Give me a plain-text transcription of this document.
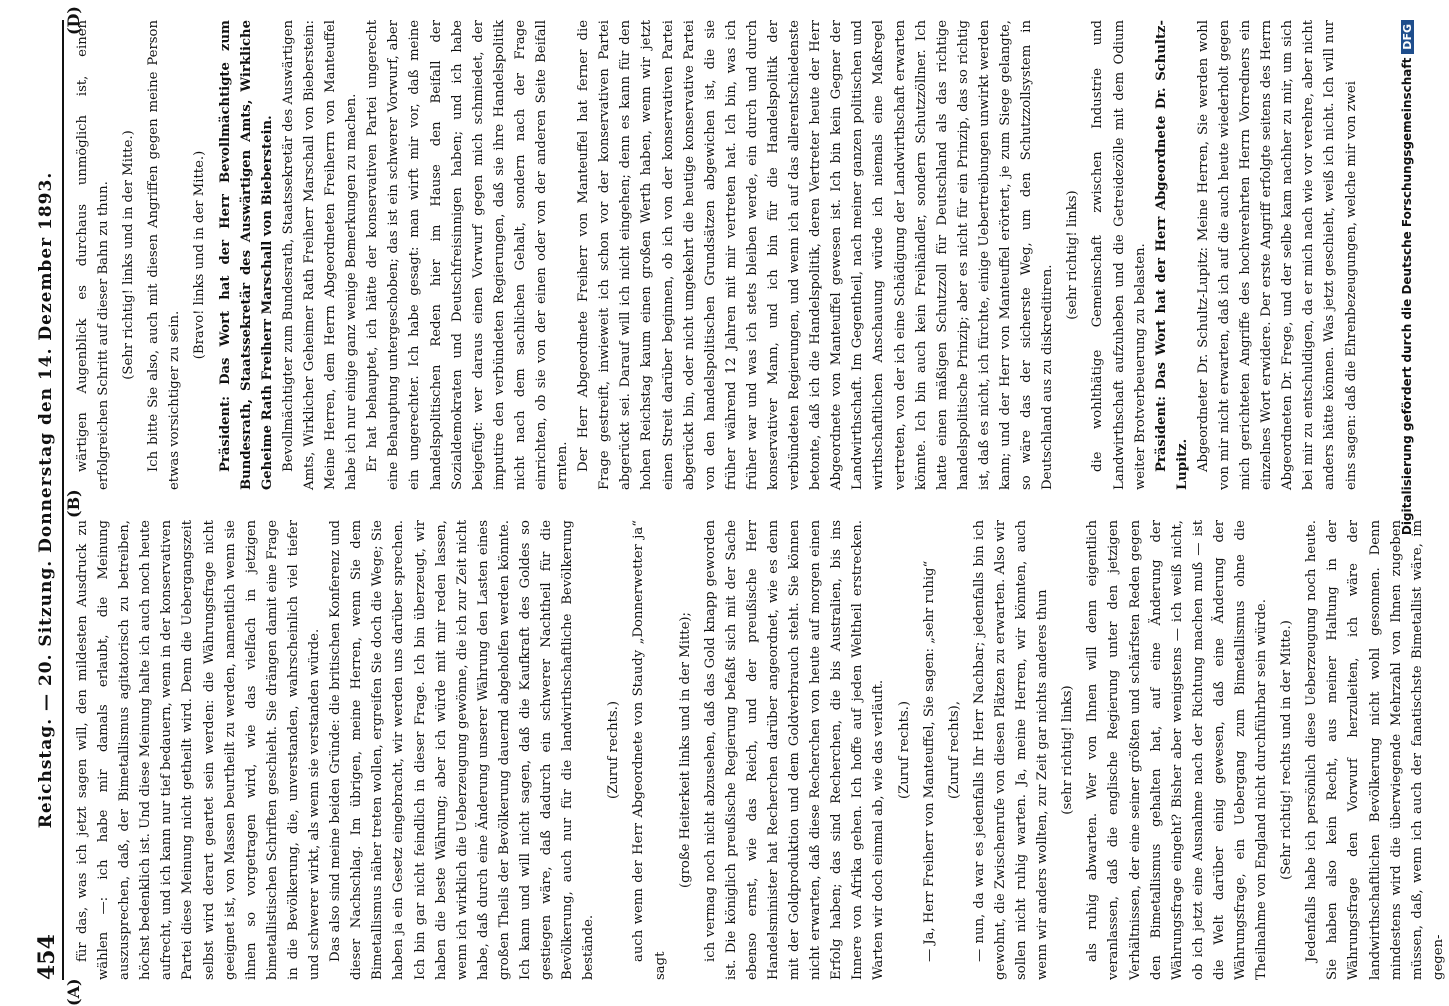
454
Reichstag. — 20. Sitzung. Donnerstag den 14. Dezember 1893.
(A)
(B)
(D)

für das, was ich jetzt sagen will, den mildesten Ausdruck zu wählen —: ich habe mir damals erlaubt, die Meinung auszusprechen, daß, der Bimetallismus agitatorisch zu betreiben, höchst bedenklich ist. Und diese Meinung halte ich auch noch heute aufrecht, und ich kann nur tief bedauern, wenn in der konservativen Partei diese Meinung nicht getheilt wird. Denn die Uebergangszeit selbst wird derart geartet sein werden: die Währungsfrage nicht geeignet ist, von Massen beurtheilt zu werden, namentlich wenn sie ihnen so vorgetragen wird, wie das vielfach in jetzigen bimetallistischen Schriften geschieht. Sie drängen damit eine Frage in die Bevölkerung, die, unverstanden, wahrscheinlich viel tiefer und schwerer wirkt, als wenn sie verstanden würde. Das also sind meine beiden Gründe: die britischen Konferenz und dieser Nachschlag. Im übrigen, meine Herren, wenn Sie dem Bimetallismus näher treten wollen, ergreifen Sie doch die Wege; Sie haben ja ein Gesetz eingebracht, wir werden uns darüber sprechen. Ich bin gar nicht feindlich in dieser Frage. Ich bin überzeugt, wir haben die beste Währung; aber ich würde mit mir reden lassen, wenn ich wirklich die Ueberzeugung gewönne, die ich zur Zeit nicht habe, daß durch eine Änderung unserer Währung den Lasten eines großen Theils der Bevölkerung dauernd abgeholfen werden könnte. Ich kann und will nicht sagen, daß die Kaufkraft des Goldes so gestiegen wäre, daß dadurch ein schwerer Nachtheil für die Bevölkerung, auch nur für die landwirthschaftliche Bevölkerung bestände.

(Zuruf rechts.) auch wenn der Herr Abgeordnete von Staudy „Donnerwetter ja“ sagt

(große Heiterkeit links und in der Mitte); ich vermag noch nicht abzusehen, daß das Gold knapp geworden ist. Die königlich preußische Regierung befaßt sich mit der Sache ebenso ernst, wie das Reich, und der preußische Herr Handelsminister hat Recherchen darüber angeordnet, wie es denn mit der Goldproduktion und dem Goldverbrauch steht. Sie können nicht erwarten, daß diese Recherchen von heute auf morgen einen Erfolg haben; das sind Recherchen, die bis Australien, bis ins Innere von Afrika gehen. Ich hoffe auf jeden Weltheil erstrecken. Warten wir doch einmal ab, wie das verläuft. (Zuruf rechts.) — Ja, Herr Freiherr von Manteuffel, Sie sagen: „sehr ruhig“ (Zuruf rechts), — nun, da war es jedenfalls Ihr Herr Nachbar; jedenfalls bin ich gewohnt, die Zwischenrufe von diesen Plätzen zu erwarten. Also wir sollen nicht ruhig warten. Ja, meine Herren, wir könnten, auch wenn wir anders wollten, zur Zeit gar nichts anderes thun (sehr richtig! links) als ruhig abwarten. Wer von Ihnen will denn eigentlich veranlassen, daß die englische Regierung unter den jetzigen Verhältnissen, der eine seiner größten und schärfsten Reden gegen den Bimetallismus gehalten hat, auf eine Änderung der Währungsfrage eingeht? Bisher aber wenigstens — ich weiß nicht, ob ich jetzt eine Ausnahme nach der Richtung machen muß — ist die Welt darüber einig gewesen, daß eine Änderung der Währungsfrage, ein Uebergang zum Bimetallismus ohne die Theilnahme von England nicht durchführbar sein würde. (Sehr richtig! rechts und in der Mitte.) Jedenfalls habe ich persönlich diese Ueberzeugung noch heute. Sie haben also kein Recht, aus meiner Haltung in der Währungsfrage den Vorwurf herzuleiten, ich wäre der landwirthschaftlichen Bevölkerung nicht wohl gesonnen. Denn mindestens wird die überwiegende Mehrzahl von Ihnen zugeben müssen, daß, wenn ich auch der fanatischste Bimetallist wäre, im gegen-

wärtigen Augenblick es durchaus unmöglich ist, einen erfolgreichen Schritt auf dieser Bahn zu thun. (Sehr richtig! links und in der Mitte.) Ich bitte Sie also, auch mit diesen Angriffen gegen meine Person etwas vorsichtiger zu sein.

(Bravo! links und in der Mitte.) Präsident: Das Wort hat der Herr Bevollmächtigte zum Bundesrath, Staatssekretär des Auswärtigen Amts, Wirkliche Geheime Rath Freiherr Marschall von Bieberstein. Bevollmächtigter zum Bundesrath, Staatssekretär des Auswärtigen Amts, Wirklicher Geheimer Rath Freiherr Marschall von Bieberstein: Meine Herren, dem Herrn Abgeordneten Freiherrn von Manteuffel habe ich nur einige ganz wenige Bemerkungen zu machen. Er hat behauptet, ich hätte der konservativen Partei ungerecht eine Behauptung untergeschoben; das ist ein schwerer Vorwurf, aber ein ungerechter. Ich habe gesagt: man wirft mir vor, daß meine handelspolitischen Reden hier im Hause den Beifall der Sozialdemokraten und Deutschfreisinnigen haben; und ich habe beigefügt: wer daraus einen Vorwurf gegen mich schmiedet, der imputire den verbündeten Regierungen, daß sie ihre Handelspolitik nicht nach dem sachlichen Gehalt, sondern nach der Frage einrichten, ob sie von der einen oder von der anderen Seite Beifall ernten. Der Herr Abgeordnete Freiherr von Manteuffel hat ferner die Frage gestreift, inwieweit ich schon vor der konservativen Partei abgerückt sei. Darauf will ich nicht eingehen; denn es kann für den hohen Reichstag kaum einen großen Werth haben, wenn wir jetzt einen Streit darüber beginnen, ob ich von der konservativen Partei abgerückt bin, oder nicht umgekehrt die heutige konservative Partei von den handelspolitischen Grundsätzen abgewichen ist, die sie früher während 12 Jahren mit mir vertreten hat. Ich bin, was ich früher war und was ich stets bleiben werde, ein durch und durch konservativer Mann, und ich bin für die Handelspolitik der verbündeten Regierungen, und wenn ich auf das allerentschiedenste betonte, daß ich die Handelspolitik, deren Vertreter heute der Herr Abgeordnete von Manteuffel gewesen ist. Ich bin kein Gegner der Landwirthschaft. Im Gegentheil, nach meiner ganzen politischen und wirthschaftlichen Anschauung würde ich niemals eine Maßregel vertreten, von der ich eine Schädigung der Landwirthschaft erwarten könnte. Ich bin auch kein Freihändler, sondern Schutzzöllner. Ich hatte einen mäßigen Schutzzoll für Deutschland als das richtige handelspolitische Prinzip; aber es nicht für ein Prinzip, das so richtig ist, daß es nicht, ich fürchte, einige Uebertreibungen unwirkt werden kann; und der Herr von Manteuffel erörtert, je zum Siege gelangte, so wäre das der sicherste Weg, um den Schutzzollsystem in Deutschland aus zu diskreditiren.

(sehr richtig! links) die wohlthätige Gemeinschaft zwischen Industrie und Landwirthschaft aufzuheben und die Getreidezölle mit dem Odium weiter Brotverbeuerung zu belasten. Präsident: Das Wort hat der Herr Abgeordnete Dr. Schultz-Lupitz. Abgeordneter Dr. Schultz-Lupitz: Meine Herren, Sie werden wohl von mir nicht erwarten, daß ich auf die auch heute wiederholt gegen mich gerichteten Angriffe des hochverehrten Herrn Vorredners ein einzelnes Wort erwidere. Der erste Angriff erfolgte seitens des Herrn Abgeordneten Dr. Frege, und der selbe kam nachher zu mir, um sich bei mir zu entschuldigen, da er mich nach wie vor verehre, aber nicht anders hätte können. Was jetzt geschieht, weiß ich nicht. Ich will nur eins sagen: daß die Ehrenbezeugungen, welche mir von zwei	Digitalisierung gefördert durch die Deutsche ForschungsgemeinschaftDFG
